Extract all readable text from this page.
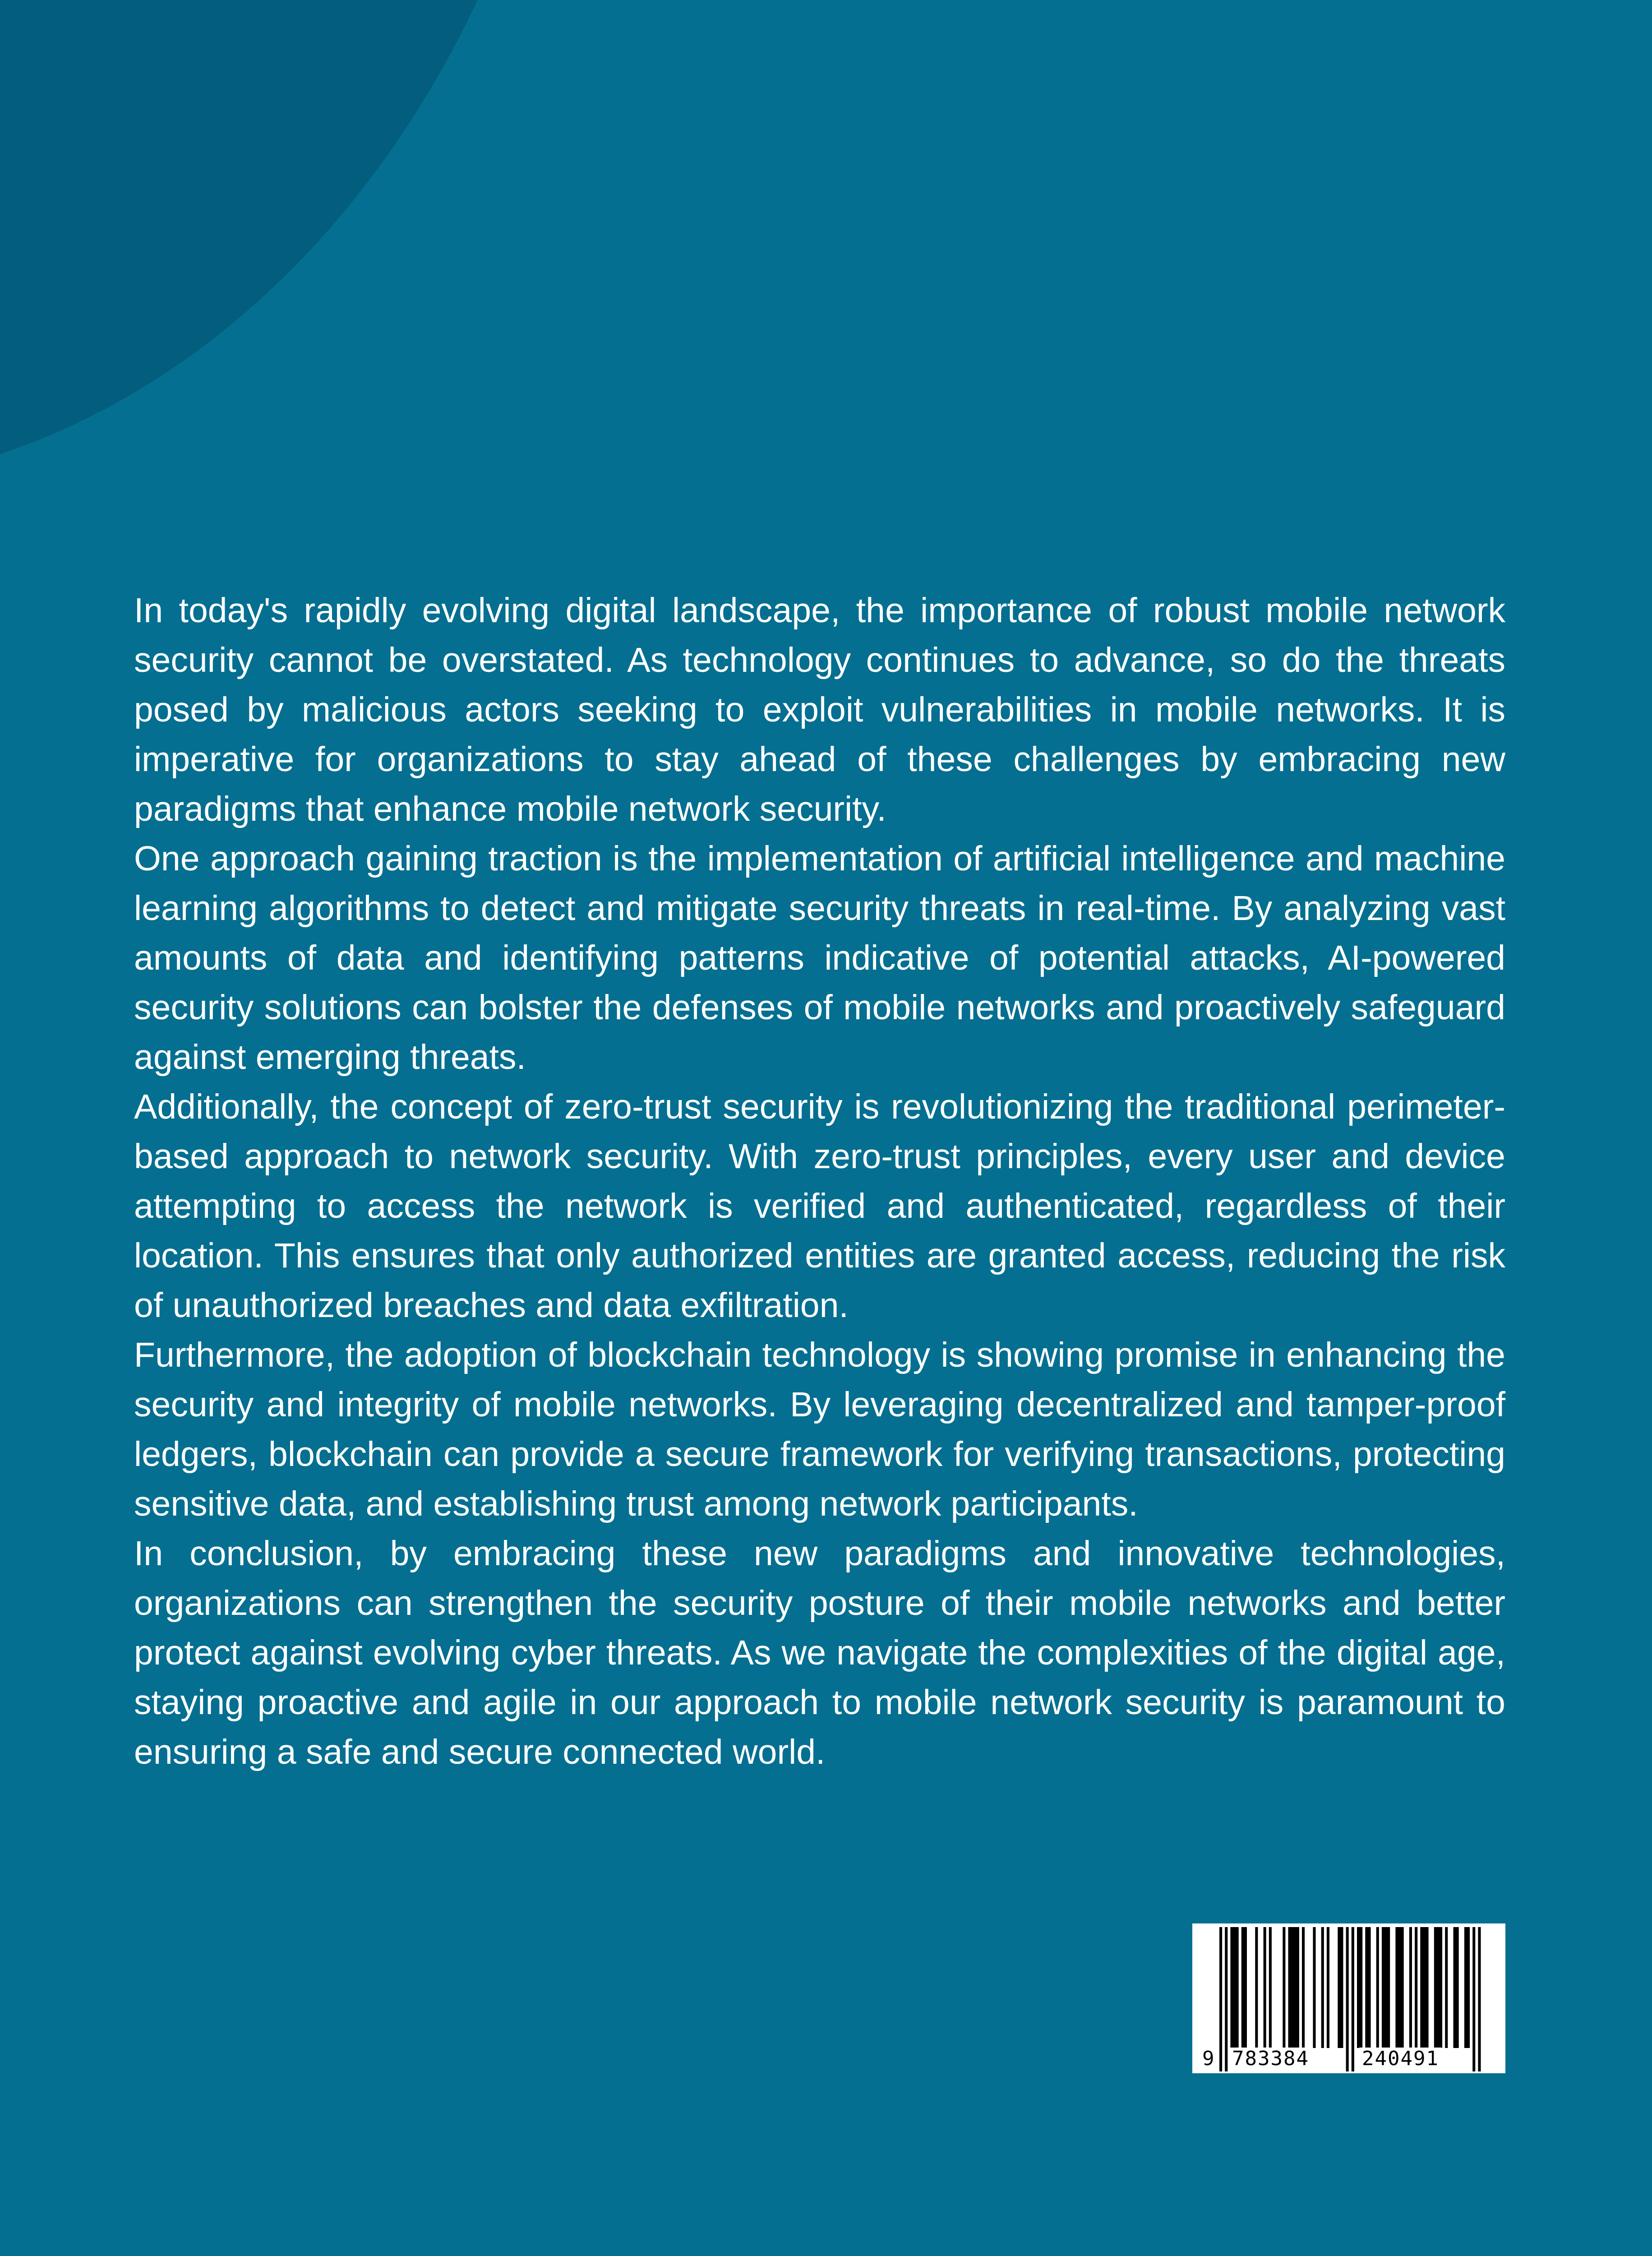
In today's rapidly evolving digital landscape, the importance of robust mobile network security cannot be overstated. As technology continues to advance, so do the threats posed by malicious actors seeking to exploit vulnerabilities in mobile networks. It is imperative for organizations to stay ahead of these challenges by embracing new paradigms that enhance mobile network security.

One approach gaining traction is the implementation of artificial intelligence and machine learning algorithms to detect and mitigate security threats in real-time. By analyzing vast amounts of data and identifying patterns indicative of potential attacks, AI-powered security solutions can bolster the defenses of mobile networks and proactively safeguard against emerging threats.

Additionally, the concept of zero-trust security is revolutionizing the traditional perimeter-based approach to network security. With zero-trust principles, every user and device attempting to access the network is verified and authenticated, regardless of their location. This ensures that only authorized entities are granted access, reducing the risk of unauthorized breaches and data exfiltration.

Furthermore, the adoption of blockchain technology is showing promise in enhancing the security and integrity of mobile networks. By leveraging decentralized and tamper-proof ledgers, blockchain can provide a secure framework for verifying transactions, protecting sensitive data, and establishing trust among network participants.

In conclusion, by embracing these new paradigms and innovative technologies, organizations can strengthen the security posture of their mobile networks and better protect against evolving cyber threats. As we navigate the complexities of the digital age, staying proactive and agile in our approach to mobile network security is paramount to ensuring a safe and secure connected world.

9 783384	240491
